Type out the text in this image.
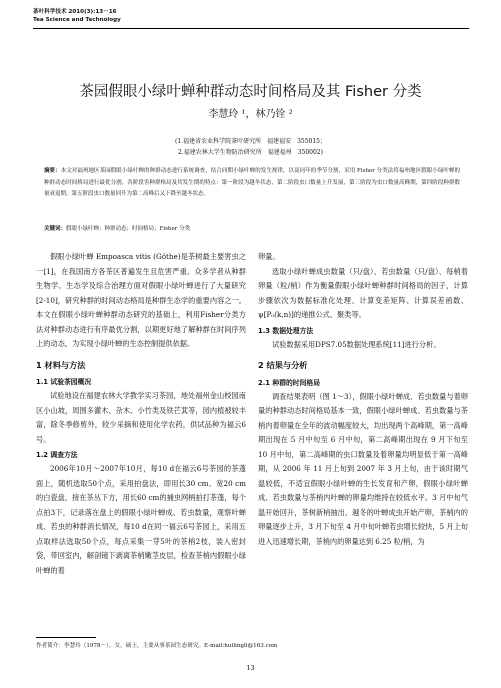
茶叶科学技术 2010(3):13－16
Tea Science and Technology
茶园假眼小绿叶蝉种群动态时间格局及其 Fisher 分类
李慧玲 ¹，林乃铨 ²
(1.福建省农业科学院茶叶研究所　福建福安　355015；
2.福建农林大学生物防治研究所　福建福州　350002)
摘要：本文对福州地区茶园假眼小绿叶蝉的种群动态进行系统调查，结合同期小绿叶蝉的发生规律，以及同年的季节分割，采用 Fisher 分类法将福州地区假眼小绿叶蝉的种群动态时间格局进行最优分割，各阶段害种群格局及其发生期的特点：第一阶段为越冬状态，第二阶段虫口数量上升发展，第三阶段为虫口数量高峰期，第四阶段种群数量衰退期，第五阶段虫口数量回升为第二高峰后又下降至越冬状态。
关键词：假眼小绿叶蝉；种群动态；时间格局；Fisher 分类

假眼小绿叶蝉 Empoasca vitis (Göthe)是茶树最主要害虫之一[1]，在我国南方各茶区普遍发生且危害严重。众多学者从种群生物学、生态学及综合治理方面对假眼小绿叶蝉进行了大量研究[2-10]，研究种群的时间动态格局是种群生态学的重要内容之一。本文在假眼小绿叶蝉种群动态研究的基础上，利用Fisher分类方法对种群动态进行有序最优分割，以期更好地了解种群在时间序列上的动态，为实现小绿叶蝉的生态控制提供依据。

1 材料与方法
1.1 试验茶园概况

试验地设在福建农林大学教学实习茶园，地处福州金山校园南区小山坡，周围多灌木、杂木、小竹类及铁芒萁等，园内植被较丰富，除冬季修剪外，较少采摘和使用化学农药，供试品种为福云6号。

1.2 调查方法

2006年10月～2007年10月，每10 d在福云6号茶园的茶蓬面上，随机选取50个点，采用拍盘法，即用长30 cm、宽20 cm的白瓷盘，接在茶丛下方，用长60 cm的捕虫网柄拍打茶蓬，每个点拍3下，记录落在盘上的假眼小绿叶蝉成、若虫数量，观察叶蝉成、若虫的种群消长情况，每10 d在同一福云6号茶园上，采用五点取样法选取50个点，每点采集一芽5叶的茶梢2枝，装入密封袋，带回室内，解剖镜下剥离茶梢嫩茎皮层，检查茶梢内假眼小绿叶蝉的着

卵量。

选取小绿叶蝉成虫数量（只/盘）、若虫数量（只/盘）、每梢着卵量（粒/梢）作为衡量假眼小绿叶蝉种群时间格局的因子，计算步骤依次为数据标准化处理、计算变差矩阵、计算误差函数、ψ[P₀(k,n)]的递推公式、聚类等。

1.3 数据处理方法

试验数据采用DPS7.05数据处理系统[11]进行分析。

2 结果与分析
2.1 种群的时间格局

调查结果表明（图 1～3），假眼小绿叶蝉成、若虫数量与着卵量的种群动态时间格局基本一致，假眼小绿叶蝉成、若虫数量与茶梢内着卵量在全年的波动幅度较大，均出现两个高峰期，第一高峰期出现在 5 月中旬至 6 月中旬，第二高峰期出现在 9 月下旬至 10 月中旬，第二高峰期的虫口数量及着卵量均明显低于第一高峰期，从 2006 年 11 月上旬到 2007 年 3 月上旬，由于该时期气温较低，不适宜假眼小绿叶蝉的生长发育和产卵，假眼小绿叶蝉成、若虫数量与茶梢内叶蝉的卵量均维持在较低水平。3 月中旬气温开始回升，茶树新梢抽出，越冬的叶蝉成虫开始产卵，茶梢内的卵量逐步上升，3 月下旬至 4 月中旬叶蝉若虫增长较快，5 月上旬进入迅速增长期，茶梢内的卵量达到 6.25 粒/梢，为

作者简介：李慧玲（1978－），女，硕士，主要从事茶园生态研究。E-mail:huilingli@163.com
13
